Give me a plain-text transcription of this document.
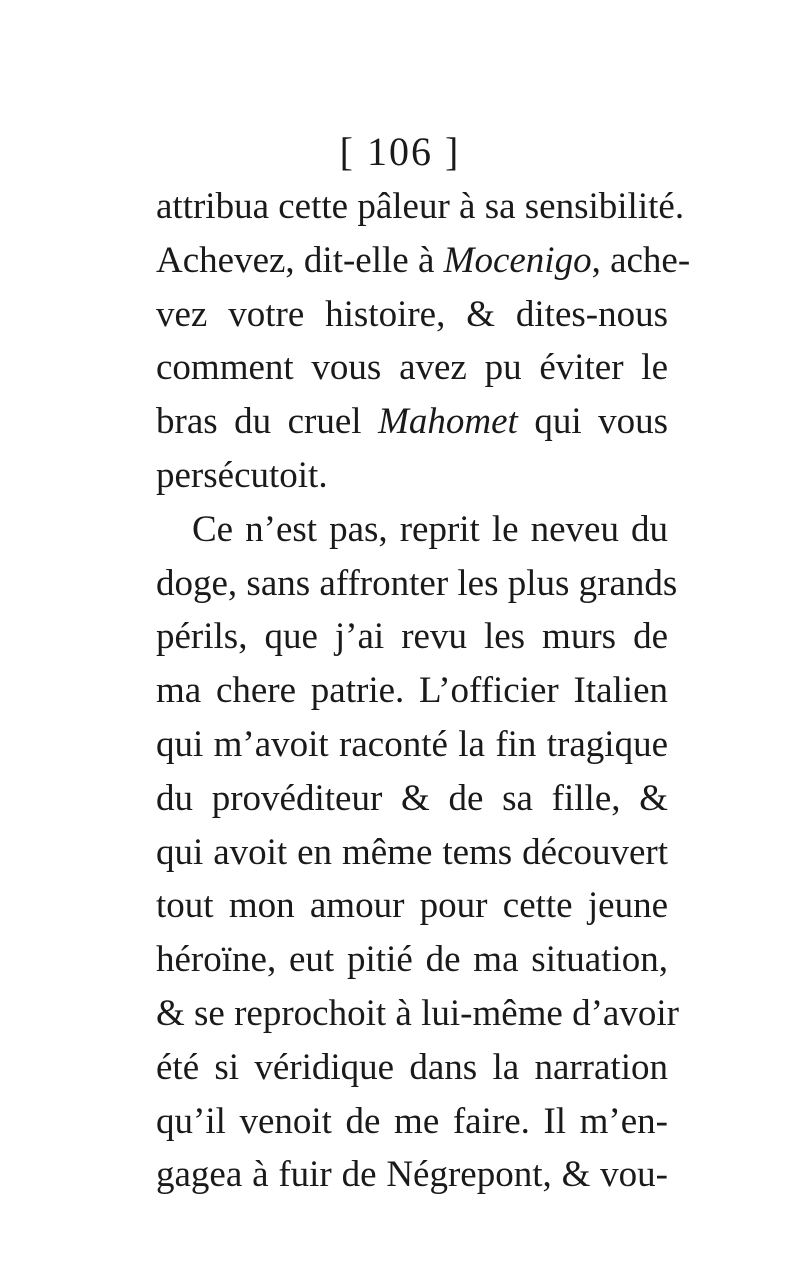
[ 106 ]
attribua cette pâleur à sa sensibilité.
Achevez, dit-elle à Mocenigo, ache-
vez votre histoire, & dites-nous
comment vous avez pu éviter le
bras du cruel Mahomet qui vous
persécutoit.
Ce n’est pas, reprit le neveu du
doge, sans affronter les plus grands
périls, que j’ai revu les murs de
ma chere patrie. L’officier Italien
qui m’avoit raconté la fin tragique
du provéditeur & de sa fille, &
qui avoit en même tems découvert
tout mon amour pour cette jeune
héroïne, eut pitié de ma situation,
& se reprochoit à lui-même d’avoir
été si véridique dans la narration
qu’il venoit de me faire. Il m’en-
gagea à fuir de Négrepont, & vou-
